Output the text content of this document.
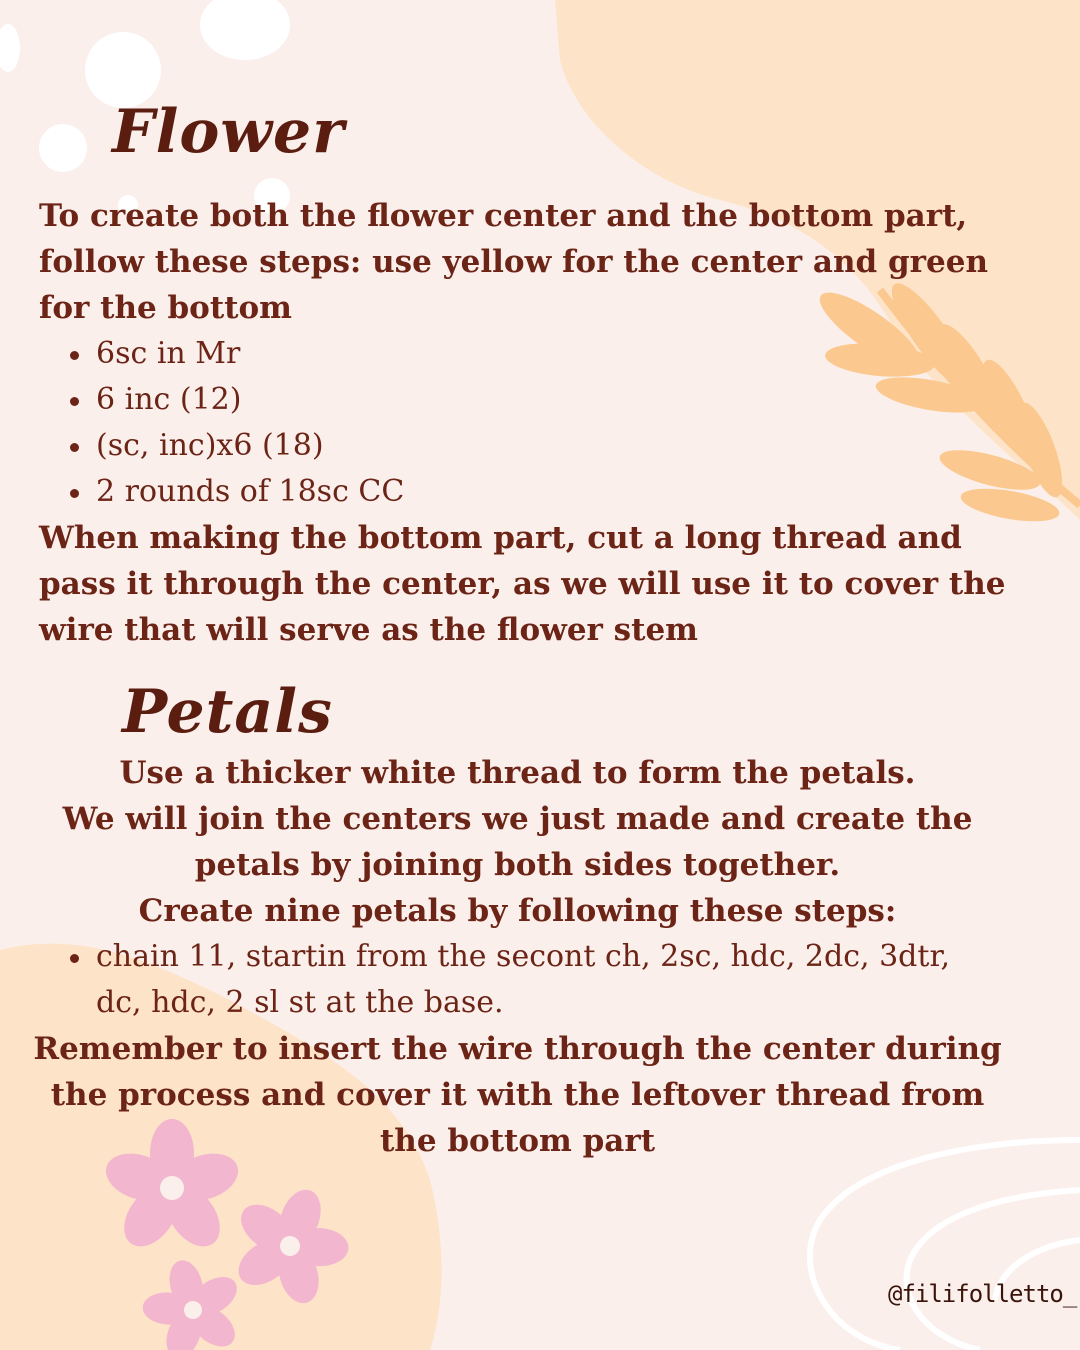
Flower

To create both the flower center and the bottom part, follow these steps: use yellow for the center and green for the bottom

6sc in Mr
6 inc (12)
(sc, inc)x6 (18)
2 rounds of 18sc CC

When making the bottom part, cut a long thread and pass it through the center, as we will use it to cover the wire that will serve as the flower stem

Petals
Use a thicker white thread to form the petals.
We will join the centers we just made and create the
petals by joining both sides together.
Create nine petals by following these steps:
chain 11, startin from the secont ch, 2sc, hdc, 2dc, 3dtr, dc, hdc, 2 sl st at the base.
Remember to insert the wire through the center during
the process and cover it with the leftover thread from
the bottom part
@filifolletto_
